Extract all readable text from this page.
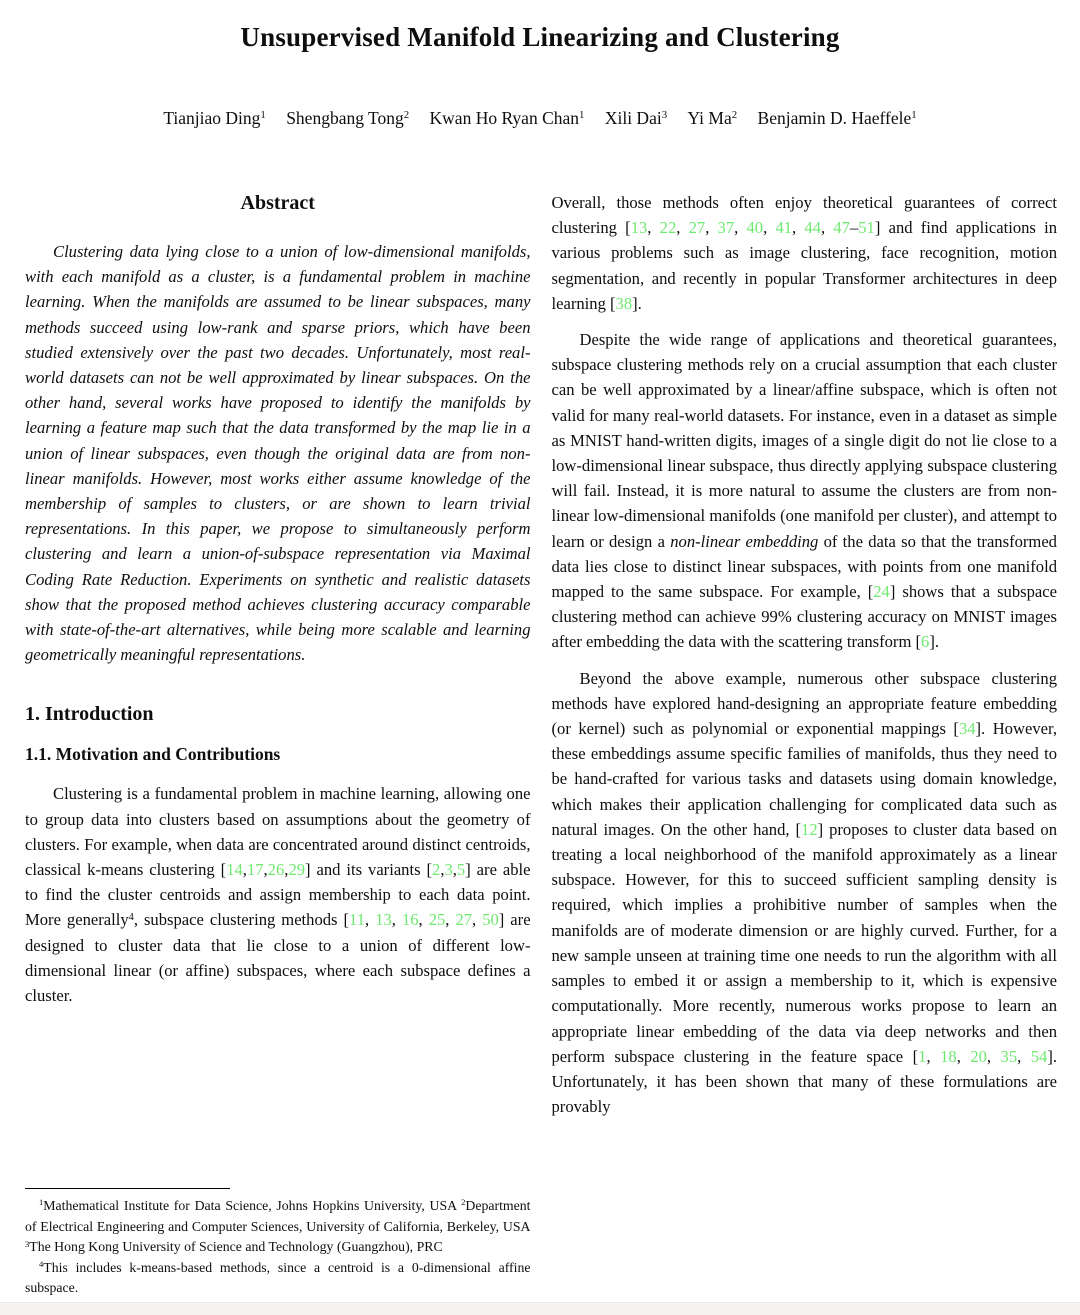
Unsupervised Manifold Linearizing and Clustering
Tianjiao Ding$^1$ Shengbang Tong$^2$ Kwan Ho Ryan Chan$^1$ Xili Dai$^3$ Yi Ma$^2$ Benjamin D. Haeffele$^1$
Abstract

Clustering data lying close to a union of low-dimensional manifolds, with each manifold as a cluster, is a fundamental problem in machine learning. When the manifolds are assumed to be linear subspaces, many methods succeed using low-rank and sparse priors, which have been studied extensively over the past two decades. Unfortunately, most real-world datasets can not be well approximated by linear subspaces. On the other hand, several works have proposed to identify the manifolds by learning a feature map such that the data transformed by the map lie in a union of linear subspaces, even though the original data are from non-linear manifolds. However, most works either assume knowledge of the membership of samples to clusters, or are shown to learn trivial representations. In this paper, we propose to simultaneously perform clustering and learn a union-of-subspace representation via Maximal Coding Rate Reduction. Experiments on synthetic and realistic datasets show that the proposed method achieves clustering accuracy comparable with state-of-the-art alternatives, while being more scalable and learning geometrically meaningful representations.

1. Introduction
1.1. Motivation and Contributions

Clustering is a fundamental problem in machine learning, allowing one to group data into clusters based on assumptions about the geometry of clusters. For example, when data are concentrated around distinct centroids, classical k-means clustering [14,17,26,29] and its variants [2,3,5] are able to find the cluster centroids and assign membership to each data point. More generally$^4$, subspace clustering methods [11, 13, 16, 25, 27, 50] are designed to cluster data that lie close to a union of different low-dimensional linear (or affine) subspaces, where each subspace defines a cluster.

$^1$Mathematical Institute for Data Science, Johns Hopkins University, USA $^2$Department of Electrical Engineering and Computer Sciences, University of California, Berkeley, USA $^3$The Hong Kong University of Science and Technology (Guangzhou), PRC

$^4$This includes k-means-based methods, since a centroid is a 0-dimensional affine subspace.

Overall, those methods often enjoy theoretical guarantees of correct clustering [13, 22, 27, 37, 40, 41, 44, 47–51] and find applications in various problems such as image clustering, face recognition, motion segmentation, and recently in popular Transformer architectures in deep learning [38].

Despite the wide range of applications and theoretical guarantees, subspace clustering methods rely on a crucial assumption that each cluster can be well approximated by a linear/affine subspace, which is often not valid for many real-world datasets. For instance, even in a dataset as simple as MNIST hand-written digits, images of a single digit do not lie close to a low-dimensional linear subspace, thus directly applying subspace clustering will fail. Instead, it is more natural to assume the clusters are from non-linear low-dimensional manifolds (one manifold per cluster), and attempt to learn or design a non-linear embedding of the data so that the transformed data lies close to distinct linear subspaces, with points from one manifold mapped to the same subspace. For example, [24] shows that a subspace clustering method can achieve 99% clustering accuracy on MNIST images after embedding the data with the scattering transform [6].

Beyond the above example, numerous other subspace clustering methods have explored hand-designing an appropriate feature embedding (or kernel) such as polynomial or exponential mappings [34]. However, these embeddings assume specific families of manifolds, thus they need to be hand-crafted for various tasks and datasets using domain knowledge, which makes their application challenging for complicated data such as natural images. On the other hand, [12] proposes to cluster data based on treating a local neighborhood of the manifold approximately as a linear subspace. However, for this to succeed sufficient sampling density is required, which implies a prohibitive number of samples when the manifolds are of moderate dimension or are highly curved. Further, for a new sample unseen at training time one needs to run the algorithm with all samples to embed it or assign a membership to it, which is expensive computationally. More recently, numerous works propose to learn an appropriate linear embedding of the data via deep networks and then perform subspace clustering in the feature space [1, 18, 20, 35, 54]. Unfortunately, it has been shown that many of these formulations are provably
